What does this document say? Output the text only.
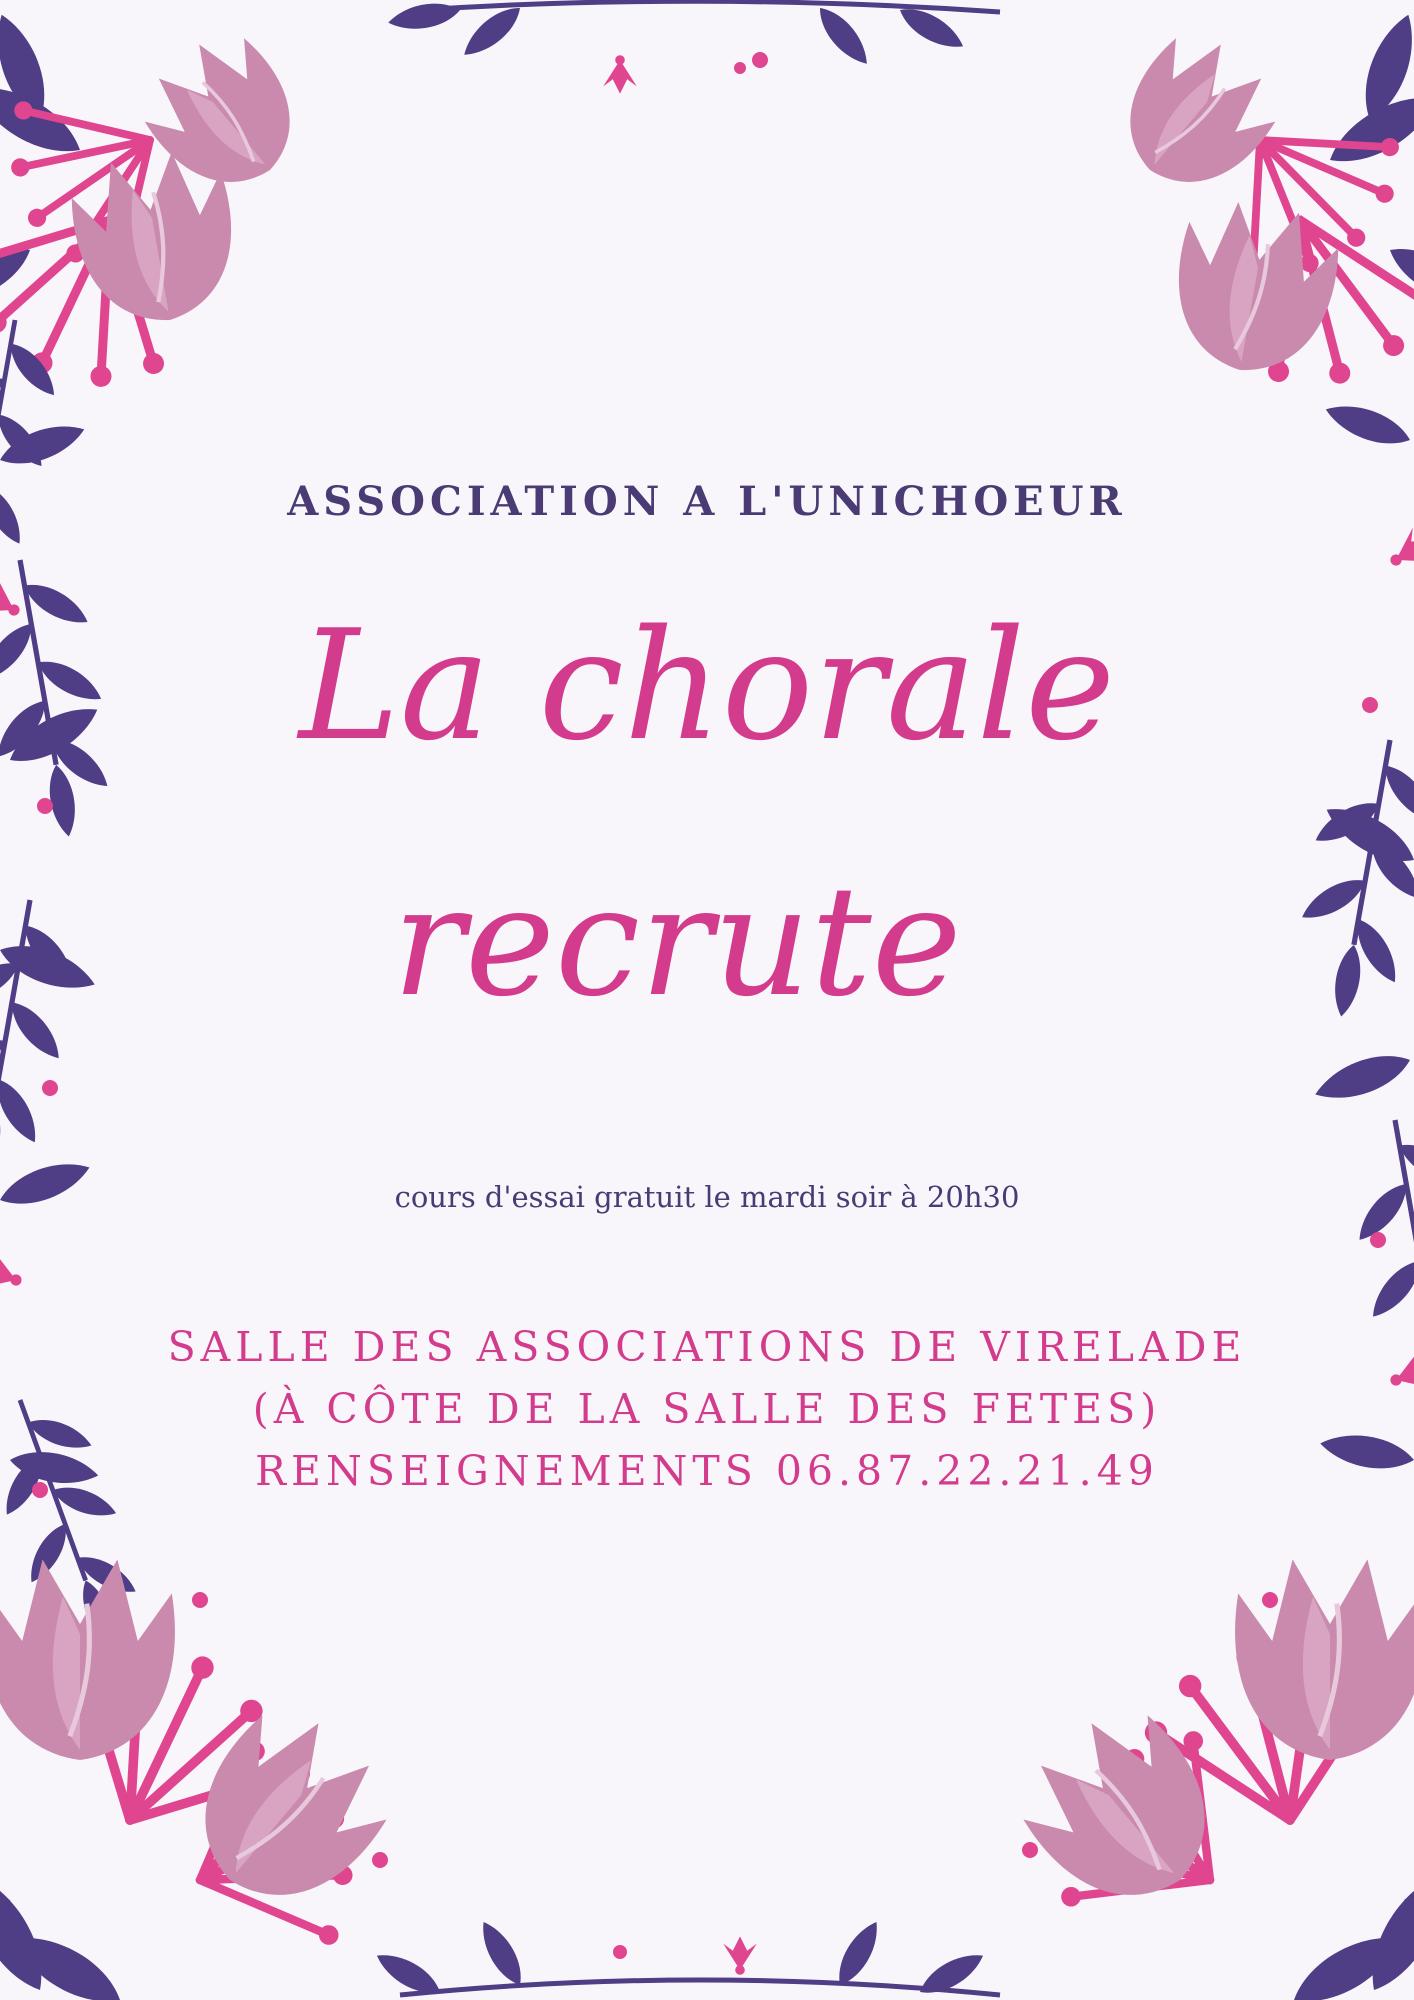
ASSOCIATION A L'UNICHOEUR
La chorale
recrute
cours d'essai gratuit le mardi soir à 20h30
SALLE DES ASSOCIATIONS DE VIRELADE
(À CÔTE DE LA SALLE DES FETES)
RENSEIGNEMENTS 06.87.22.21.49
